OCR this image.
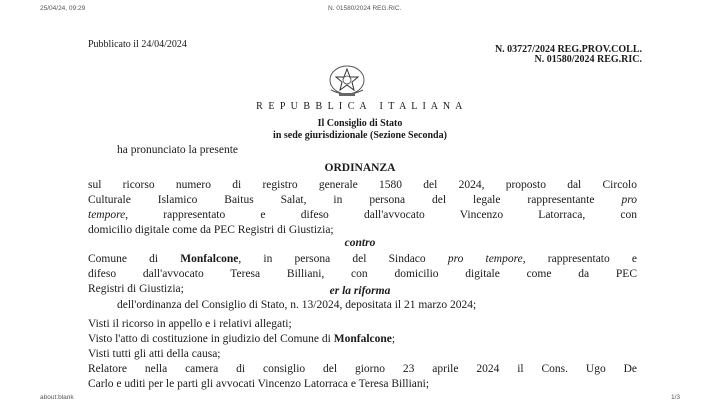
25/04/24, 09:29	N. 01580/2024 REG.RIC.
Pubblicato il 24/04/2024	N. 03727/2024 REG.PROV.COLL.
N. 01580/2024 REG.RIC.
R E P U B B L I C A   I T A L I A N A
Il Consiglio di Stato
in sede giurisdizionale (Sezione Seconda)
ha pronunciato la presente
ORDINANZA
sul ricorso numero di registro generale 1580 del 2024, proposto dal Circolo
Culturale Islamico Baitus Salat, in persona del legale rappresentante pro
tempore, rappresentato e difeso dall'avvocato Vincenzo Latorraca, con
domicilio digitale come da PEC Registri di Giustizia;
contro
Comune di Monfalcone, in persona del Sindaco pro tempore, rappresentato e
difeso dall'avvocato Teresa Billiani, con domicilio digitale come da PEC
Registri di Giustizia;	er la riforma
dell'ordinanza del Consiglio di Stato, n. 13/2024, depositata il 21 marzo 2024;
Visti il ricorso in appello e i relativi allegati;
Visto l'atto di costituzione in giudizio del Comune di Monfalcone;
Visti tutti gli atti della causa;
Relatore nella camera di consiglio del giorno 23 aprile 2024 il Cons. Ugo De
Carlo e uditi per le parti gli avvocati Vincenzo Latorraca e Teresa Billiani;
about:blank	1/3
